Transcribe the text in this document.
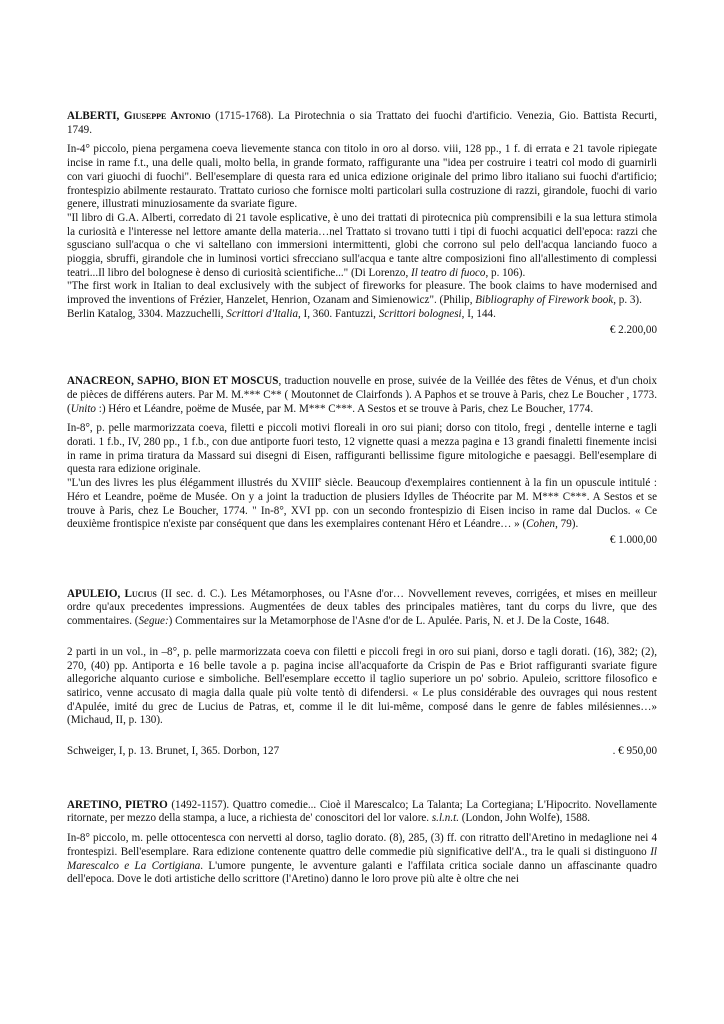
ALBERTI, Giuseppe Antonio (1715-1768). La Pirotechnia o sia Trattato dei fuochi d'artificio. Venezia, Gio. Battista Recurti, 1749.

In-4° piccolo, piena pergamena coeva lievemente stanca con titolo in oro al dorso. viii, 128 pp., 1 f. di errata e 21 tavole ripiegate incise in rame f.t., una delle quali, molto bella, in grande formato, raffigurante una "idea per costruire i teatri col modo di guarnirli con vari giuochi di fuochi". Bell'esemplare di questa rara ed unica edizione originale del primo libro italiano sui fuochi d'artificio; frontespizio abilmente restaurato. Trattato curioso che fornisce molti particolari sulla costruzione di razzi, girandole, fuochi di vario genere, illustrati minuziosamente da svariate figure.

"Il libro di G.A. Alberti, corredato di 21 tavole esplicative, è uno dei trattati di pirotecnica più comprensibili e la sua lettura stimola la curiosità e l'interesse nel lettore amante della materia…nel Trattato si trovano tutti i tipi di fuochi acquatici dell'epoca: razzi che sgusciano sull'acqua o che vi saltellano con immersioni intermittenti, globi che corrono sul pelo dell'acqua lanciando fuoco a pioggia, sbruffi, girandole che in luminosi vortici sfrecciano sull'acqua e tante altre composizioni fino all'allestimento di complessi teatri...Il libro del bolognese è denso di curiosità scientifiche..." (Di Lorenzo, Il teatro di fuoco, p. 106).

"The first work in Italian to deal exclusively with the subject of fireworks for pleasure. The book claims to have modernised and improved the inventions of Frézier, Hanzelet, Henrion, Ozanam and Simienowicz". (Philip, Bibliography of Firework book, p. 3).

Berlin Katalog, 3304. Mazzuchelli, Scrittori d'Italia, I, 360. Fantuzzi, Scrittori bolognesi, I, 144.

€ 2.200,00

ANACREON, SAPHO, BION ET MOSCUS, traduction nouvelle en prose, suivée de la Veillée des fêtes de Vénus, et d'un choix de pièces de différens auters. Par M. M.*** C** ( Moutonnet de Clairfonds ). A Paphos et se trouve à Paris, chez Le Boucher , 1773. (Unito :) Héro et Léandre, poëme de Musée, par M. M*** C***. A Sestos et se trouve à Paris, chez Le Boucher, 1774.

In-8°, p. pelle marmorizzata coeva, filetti e piccoli motivi floreali in oro sui piani; dorso con titolo, fregi , dentelle interne e tagli dorati. 1 f.b., IV, 280 pp., 1 f.b., con due antiporte fuori testo, 12 vignette quasi a mezza pagina e 13 grandi finaletti finemente incisi in rame in prima tiratura da Massard sui disegni di Eisen, raffiguranti bellissime figure mitologiche e paesaggi. Bell'esemplare di questa rara edizione originale.

"L'un des livres les plus élégamment illustrés du XVIIIe siècle. Beaucoup d'exemplaires contiennent à la fin un opuscule intitulé : Héro et Leandre, poëme de Musée. On y a joint la traduction de plusiers Idylles de Théocrite par M. M*** C***. A Sestos et se trouve à Paris, chez Le Boucher, 1774. " In-8°, XVI pp. con un secondo frontespizio di Eisen inciso in rame dal Duclos. « Ce deuxième frontispice n'existe par conséquent que dans les exemplaires contenant Héro et Léandre… » (Cohen, 79).

€ 1.000,00

APULEIO, Lucius (II sec. d. C.). Les Métamorphoses, ou l'Asne d'or… Novvellement reveves, corrigées, et mises en meilleur ordre qu'aux precedentes impressions. Augmentées de deux tables des principales matières, tant du corps du livre, que des commentaires. (Segue:) Commentaires sur la Metamorphose de l'Asne d'or de L. Apulée. Paris, N. et J. De la Coste, 1648.

2 parti in un vol., in –8°, p. pelle marmorizzata coeva con filetti e piccoli fregi in oro sui piani, dorso e tagli dorati. (16), 382; (2), 270, (40) pp. Antiporta e 16 belle tavole a p. pagina incise all'acquaforte da Crispin de Pas e Briot raffiguranti svariate figure allegoriche alquanto curiose e simboliche. Bell'esemplare eccetto il taglio superiore un po' sobrio. Apuleio, scrittore filosofico e satirico, venne accusato di magia dalla quale più volte tentò di difendersi. « Le plus considérable des ouvrages qui nous restent d'Apulée, imité du grec de Lucius de Patras, et, comme il le dit lui-même, composé dans le genre de fables milésiennes…» (Michaud, II, p. 130).

Schweiger, I, p. 13. Brunet, I, 365. Dorbon, 127	. € 950,00

ARETINO, PIETRO (1492-1157). Quattro comedie... Cioè il Marescalco; La Talanta; La Cortegiana; L'Hipocrito. Novellamente ritornate, per mezzo della stampa, a luce, a richiesta de' conoscitori del lor valore. s.l.n.t. (London, John Wolfe), 1588.

In-8° piccolo, m. pelle ottocentesca con nervetti al dorso, taglio dorato. (8), 285, (3) ff. con ritratto dell'Aretino in medaglione nei 4 frontespizi. Bell'esemplare. Rara edizione contenente quattro delle commedie più significative dell'A., tra le quali si distinguono Il Marescalco e La Cortigiana. L'umore pungente, le avventure galanti e l'affilata critica sociale danno un affascinante quadro dell'epoca. Dove le doti artistiche dello scrittore (l'Aretino) danno le loro prove più alte è oltre che nei
